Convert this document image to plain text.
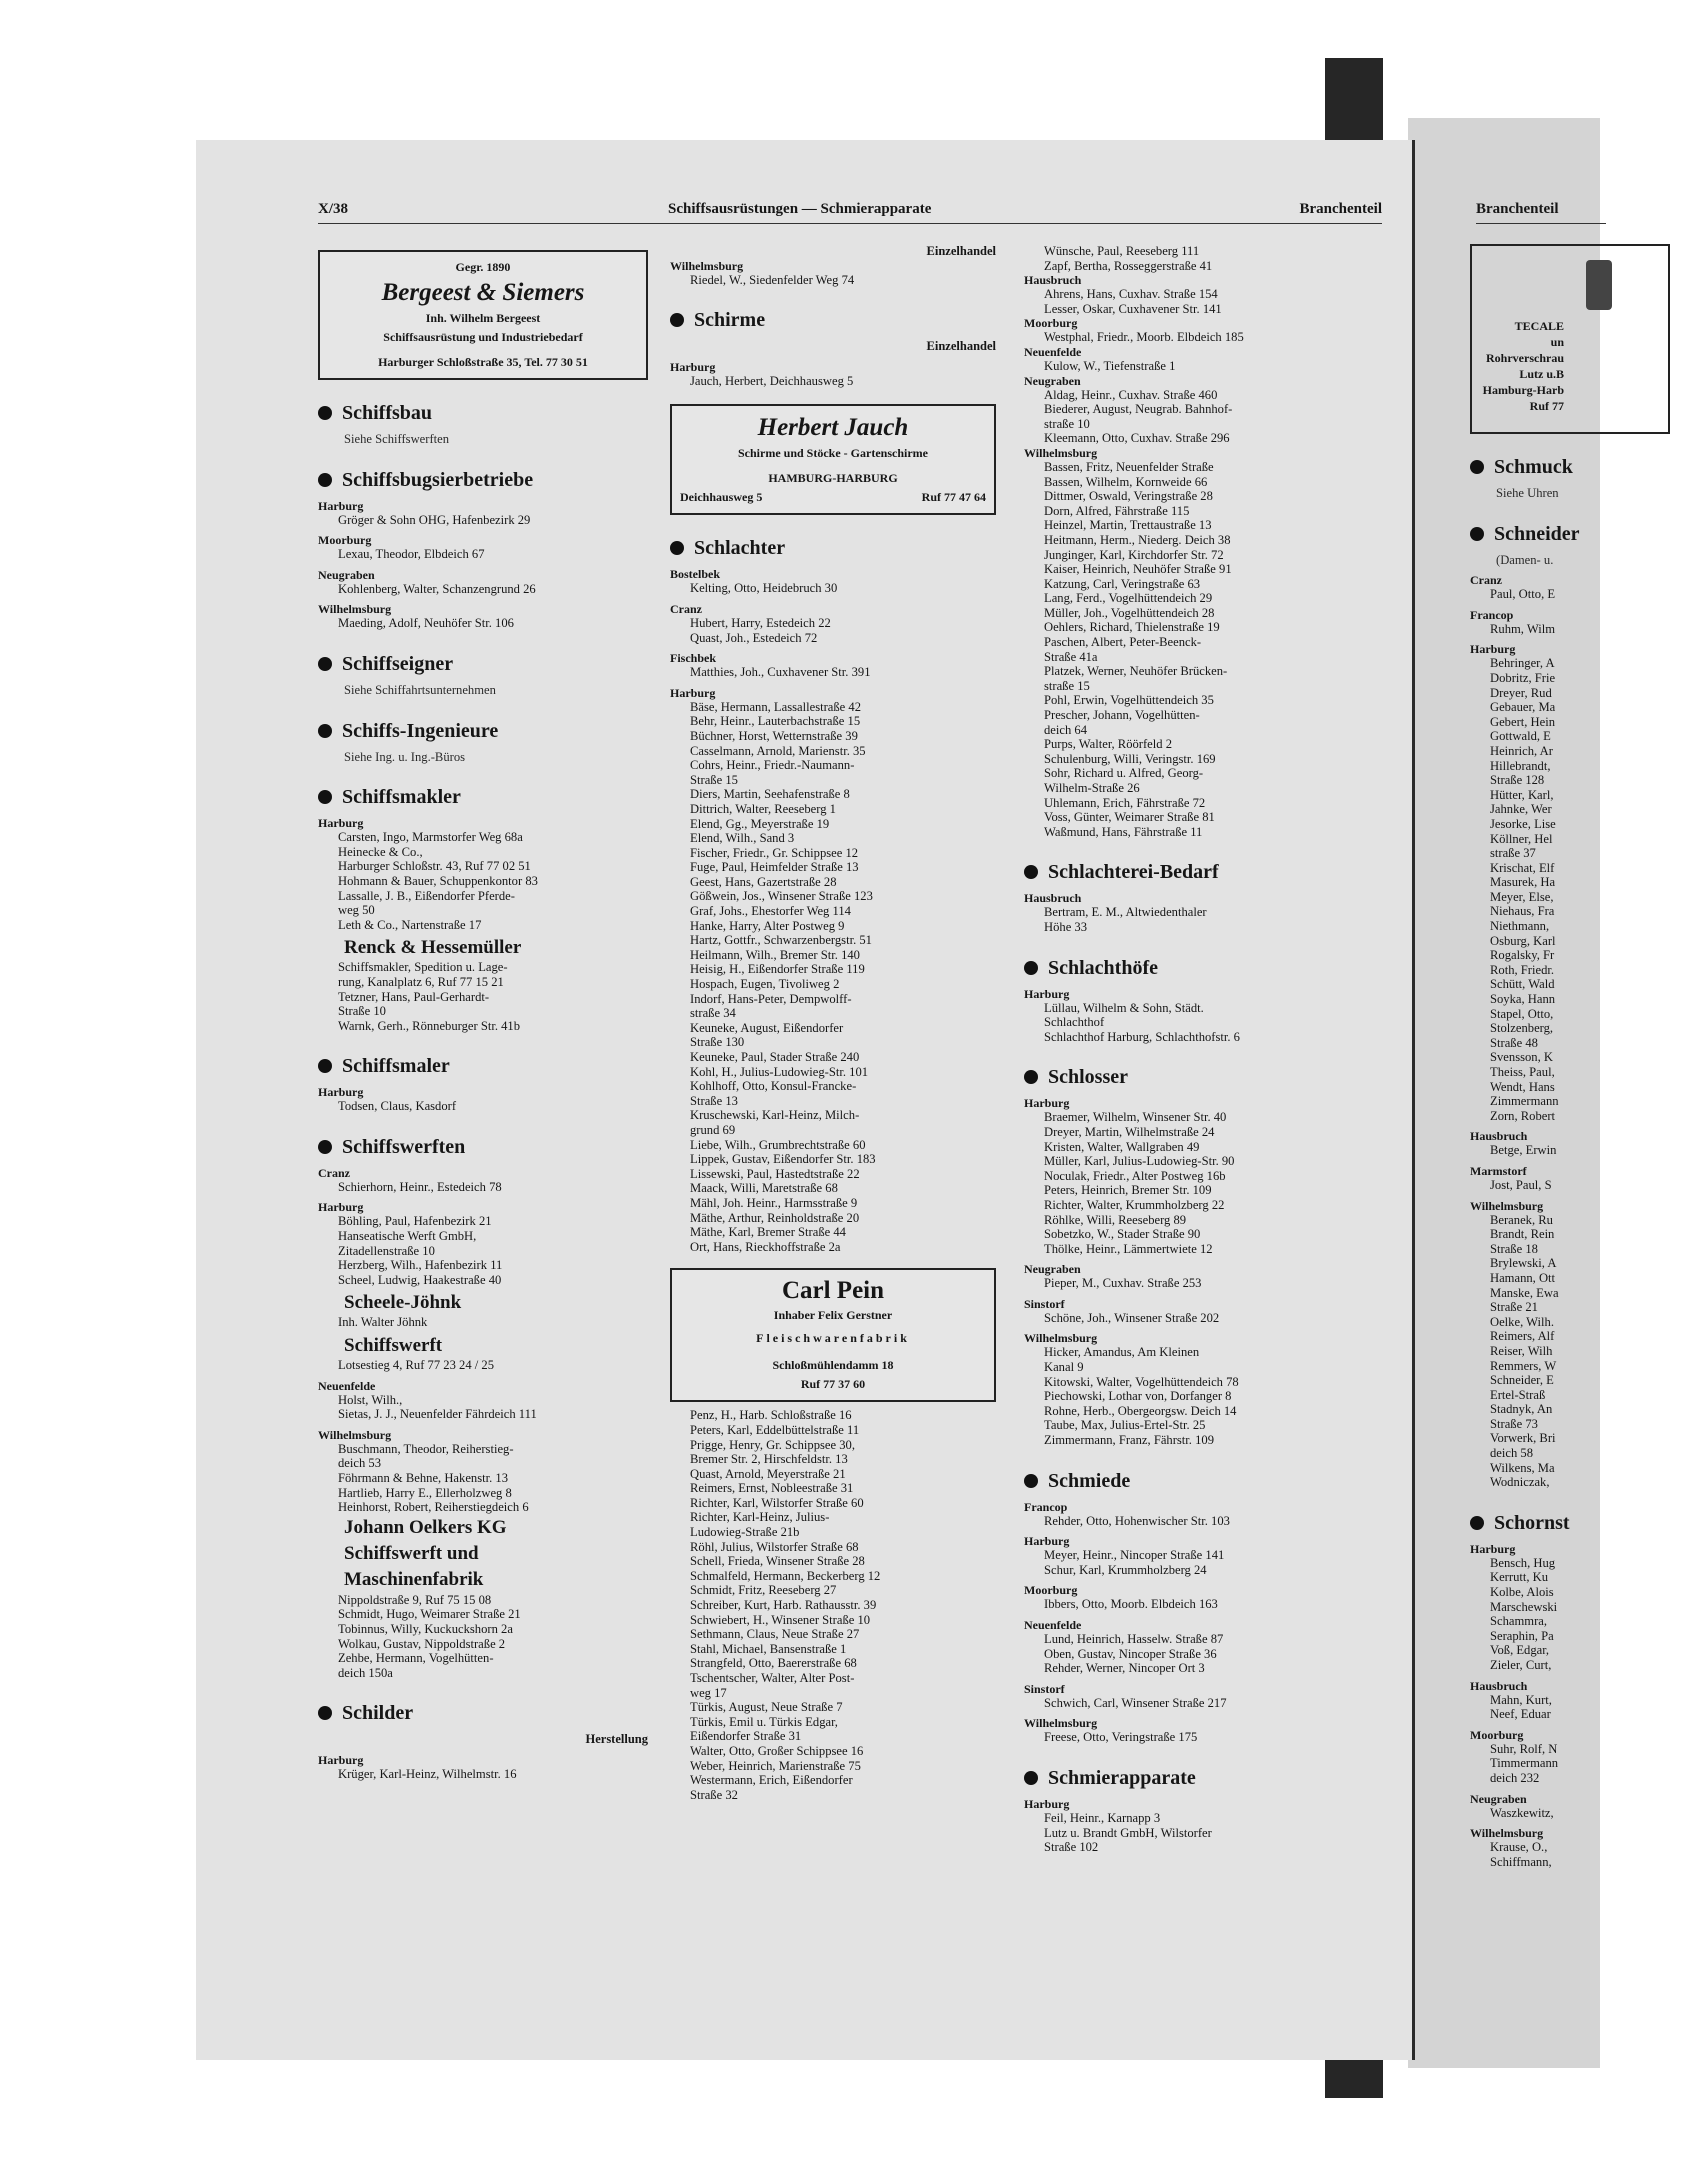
X/38	Schiffsausrüstungen — Schmierapparate	Branchenteil
Gegr. 1890
Bergeest & Siemers
Inh. Wilhelm Bergeest
Schiffsausrüstung und Industriebedarf
Harburger Schloßstraße 35, Tel. 77 30 51
Schiffsbau
Siehe Schiffswerften
Schiffsbugsierbetriebe
Harburg
Gröger & Sohn OHG, Hafenbezirk 29
Moorburg
Lexau, Theodor, Elbdeich 67
Neugraben
Kohlenberg, Walter, Schanzengrund 26
Wilhelmsburg
Maeding, Adolf, Neuhöfer Str. 106
Schiffseigner
Siehe Schiffahrtsunternehmen
Schiffs-Ingenieure
Siehe Ing. u. Ing.-Büros
Schiffsmakler
Harburg
Carsten, Ingo, Marmstorfer Weg 68a
Heinecke & Co.,
Harburger Schloßstr. 43, Ruf 77 02 51
Hohmann & Bauer, Schuppenkontor 83
Lassalle, J. B., Eißendorfer Pferde-
weg 50
Leth & Co., Nartenstraße 17
Renck & Hessemüller
Schiffsmakler, Spedition u. Lage-
rung, Kanalplatz 6, Ruf 77 15 21
Tetzner, Hans, Paul-Gerhardt-
Straße 10
Warnk, Gerh., Rönneburger Str. 41b
Schiffsmaler
Harburg
Todsen, Claus, Kasdorf
Schiffswerften
Cranz
Schierhorn, Heinr., Estedeich 78
Harburg
Böhling, Paul, Hafenbezirk 21
Hanseatische Werft GmbH,
Zitadellenstraße 10
Herzberg, Wilh., Hafenbezirk 11
Scheel, Ludwig, Haakestraße 40
Scheele-Jöhnk
Inh. Walter Jöhnk
Schiffswerft
Lotsestieg 4, Ruf 77 23 24 / 25
Neuenfelde
Holst, Wilh.,
Sietas, J. J., Neuenfelder Fährdeich 111
Wilhelmsburg
Buschmann, Theodor, Reiherstieg-
deich 53
Föhrmann & Behne, Hakenstr. 13
Hartlieb, Harry E., Ellerholzweg 8
Heinhorst, Robert, Reiherstiegdeich 6
Johann Oelkers KG
Schiffswerft und
Maschinenfabrik
Nippoldstraße 9, Ruf 75 15 08
Schmidt, Hugo, Weimarer Straße 21
Tobinnus, Willy, Kuckuckshorn 2a
Wolkau, Gustav, Nippoldstraße 2
Zehbe, Hermann, Vogelhütten-
deich 150a
Schilder
Herstellung
Harburg
Krüger, Karl-Heinz, Wilhelmstr. 16
Einzelhandel
Wilhelmsburg
Riedel, W., Siedenfelder Weg 74
Schirme
Einzelhandel
Harburg
Jauch, Herbert, Deichhausweg 5
Herbert Jauch
Schirme und Stöcke - Gartenschirme
HAMBURG-HARBURG
Deichhausweg 5	Ruf 77 47 64
Schlachter
Bostelbek
Kelting, Otto, Heidebruch 30
Cranz
Hubert, Harry, Estedeich 22
Quast, Joh., Estedeich 72
Fischbek
Matthies, Joh., Cuxhavener Str. 391
Harburg
Bäse, Hermann, Lassallestraße 42
Behr, Heinr., Lauterbachstraße 15
Büchner, Horst, Wetternstraße 39
Casselmann, Arnold, Marienstr. 35
Cohrs, Heinr., Friedr.-Naumann-
Straße 15
Diers, Martin, Seehafenstraße 8
Dittrich, Walter, Reeseberg 1
Elend, Gg., Meyerstraße 19
Elend, Wilh., Sand 3
Fischer, Friedr., Gr. Schippsee 12
Fuge, Paul, Heimfelder Straße 13
Geest, Hans, Gazertstraße 28
Gößwein, Jos., Winsener Straße 123
Graf, Johs., Ehestorfer Weg 114
Hanke, Harry, Alter Postweg 9
Hartz, Gottfr., Schwarzenbergstr. 51
Heilmann, Wilh., Bremer Str. 140
Heisig, H., Eißendorfer Straße 119
Hospach, Eugen, Tivoliweg 2
Indorf, Hans-Peter, Dempwolff-
straße 34
Keuneke, August, Eißendorfer
Straße 130
Keuneke, Paul, Stader Straße 240
Kohl, H., Julius-Ludowieg-Str. 101
Kohlhoff, Otto, Konsul-Francke-
Straße 13
Kruschewski, Karl-Heinz, Milch-
grund 69
Liebe, Wilh., Grumbrechtstraße 60
Lippek, Gustav, Eißendorfer Str. 183
Lissewski, Paul, Hastedtstraße 22
Maack, Willi, Maretstraße 68
Mähl, Joh. Heinr., Harmsstraße 9
Mäthe, Arthur, Reinholdstraße 20
Mäthe, Karl, Bremer Straße 44
Ort, Hans, Rieckhoffstraße 2a
Carl Pein
Inhaber Felix Gerstner
Fleischwarenfabrik
Schloßmühlendamm 18
Ruf 77 37 60
Penz, H., Harb. Schloßstraße 16
Peters, Karl, Eddelbüttelstraße 11
Prigge, Henry, Gr. Schippsee 30,
Bremer Str. 2, Hirschfeldstr. 13
Quast, Arnold, Meyerstraße 21
Reimers, Ernst, Nobleestraße 31
Richter, Karl, Wilstorfer Straße 60
Richter, Karl-Heinz, Julius-
Ludowieg-Straße 21b
Röhl, Julius, Wilstorfer Straße 68
Schell, Frieda, Winsener Straße 28
Schmalfeld, Hermann, Beckerberg 12
Schmidt, Fritz, Reeseberg 27
Schreiber, Kurt, Harb. Rathausstr. 39
Schwiebert, H., Winsener Straße 10
Sethmann, Claus, Neue Straße 27
Stahl, Michael, Bansenstraße 1
Strangfeld, Otto, Baererstraße 68
Tschentscher, Walter, Alter Post-
weg 17
Türkis, August, Neue Straße 7
Türkis, Emil u. Türkis Edgar,
Eißendorfer Straße 31
Walter, Otto, Großer Schippsee 16
Weber, Heinrich, Marienstraße 75
Westermann, Erich, Eißendorfer
Straße 32
Wünsche, Paul, Reeseberg 111
Zapf, Bertha, Rosseggerstraße 41
Hausbruch
Ahrens, Hans, Cuxhav. Straße 154
Lesser, Oskar, Cuxhavener Str. 141
Moorburg
Westphal, Friedr., Moorb. Elbdeich 185
Neuenfelde
Kulow, W., Tiefenstraße 1
Neugraben
Aldag, Heinr., Cuxhav. Straße 460
Biederer, August, Neugrab. Bahnhof-
straße 10
Kleemann, Otto, Cuxhav. Straße 296
Wilhelmsburg
Bassen, Fritz, Neuenfelder Straße
Bassen, Wilhelm, Kornweide 66
Dittmer, Oswald, Veringstraße 28
Dorn, Alfred, Fährstraße 115
Heinzel, Martin, Trettaustraße 13
Heitmann, Herm., Niederg. Deich 38
Junginger, Karl, Kirchdorfer Str. 72
Kaiser, Heinrich, Neuhöfer Straße 91
Katzung, Carl, Veringstraße 63
Lang, Ferd., Vogelhüttendeich 29
Müller, Joh., Vogelhüttendeich 28
Oehlers, Richard, Thielenstraße 19
Paschen, Albert, Peter-Beenck-
Straße 41a
Platzek, Werner, Neuhöfer Brücken-
straße 15
Pohl, Erwin, Vogelhüttendeich 35
Prescher, Johann, Vogelhütten-
deich 64
Purps, Walter, Röörfeld 2
Schulenburg, Willi, Veringstr. 169
Sohr, Richard u. Alfred, Georg-
Wilhelm-Straße 26
Uhlemann, Erich, Fährstraße 72
Voss, Günter, Weimarer Straße 81
Waßmund, Hans, Fährstraße 11
Schlachterei-Bedarf
Hausbruch
Bertram, E. M., Altwiedenthaler
Höhe 33
Schlachthöfe
Harburg
Lüllau, Wilhelm & Sohn, Städt.
Schlachthof
Schlachthof Harburg, Schlachthofstr. 6
Schlosser
Harburg
Braemer, Wilhelm, Winsener Str. 40
Dreyer, Martin, Wilhelmstraße 24
Kristen, Walter, Wallgraben 49
Müller, Karl, Julius-Ludowieg-Str. 90
Noculak, Friedr., Alter Postweg 16b
Peters, Heinrich, Bremer Str. 109
Richter, Walter, Krummholzberg 22
Röhlke, Willi, Reeseberg 89
Sobetzko, W., Stader Straße 90
Thölke, Heinr., Lämmertwiete 12
Neugraben
Pieper, M., Cuxhav. Straße 253
Sinstorf
Schöne, Joh., Winsener Straße 202
Wilhelmsburg
Hicker, Amandus, Am Kleinen
Kanal 9
Kitowski, Walter, Vogelhüttendeich 78
Piechowski, Lothar von, Dorfanger 8
Rohne, Herb., Obergeorgsw. Deich 14
Taube, Max, Julius-Ertel-Str. 25
Zimmermann, Franz, Fährstr. 109
Schmiede
Francop
Rehder, Otto, Hohenwischer Str. 103
Harburg
Meyer, Heinr., Nincoper Straße 141
Schur, Karl, Krummholzberg 24
Moorburg
Ibbers, Otto, Moorb. Elbdeich 163
Neuenfelde
Lund, Heinrich, Hasselw. Straße 87
Oben, Gustav, Nincoper Straße 36
Rehder, Werner, Nincoper Ort 3
Sinstorf
Schwich, Carl, Winsener Straße 217
Wilhelmsburg
Freese, Otto, Veringstraße 175
Schmierapparate
Harburg
Feil, Heinr., Karnapp 3
Lutz u. Brandt GmbH, Wilstorfer
Straße 102
Branchenteil
TECALE
un
Rohrverschrau
Lutz u.B
Hamburg-Harb
Ruf 77
Schmuck
Siehe Uhren
Schneider
(Damen- u.
Cranz
Paul, Otto, E
Francop
Ruhm, Wilm
Harburg
Behringer, A
Dobritz, Frie
Dreyer, Rud
Gebauer, Ma
Gebert, Hein
Gottwald, E
Heinrich, Ar
Hillebrandt,
Straße 128
Hütter, Karl,
Jahnke, Wer
Jesorke, Lise
Köllner, Hel
straße 37
Krischat, Elf
Masurek, Ha
Meyer, Else,
Niehaus, Fra
Niethmann,
Osburg, Karl
Rogalsky, Fr
Roth, Friedr.
Schütt, Wald
Soyka, Hann
Stapel, Otto,
Stolzenberg,
Straße 48
Svensson, K
Theiss, Paul,
Wendt, Hans
Zimmermann
Zorn, Robert
Hausbruch
Betge, Erwin
Marmstorf
Jost, Paul, S
Wilhelmsburg
Beranek, Ru
Brandt, Rein
Straße 18
Brylewski, A
Hamann, Ott
Manske, Ewa
Straße 21
Oelke, Wilh.
Reimers, Alf
Reiser, Wilh
Remmers, W
Schneider, E
Ertel-Straß
Stadnyk, An
Straße 73
Vorwerk, Bri
deich 58
Wilkens, Ma
Wodniczak,
Schornst
Harburg
Bensch, Hug
Kerrutt, Ku
Kolbe, Alois
Marschewski
Schammra,
Seraphin, Pa
Voß, Edgar,
Zieler, Curt,
Hausbruch
Mahn, Kurt,
Neef, Eduar
Moorburg
Suhr, Rolf, N
Timmermann
deich 232
Neugraben
Waszkewitz,
Wilhelmsburg
Krause, O.,
Schiffmann,
